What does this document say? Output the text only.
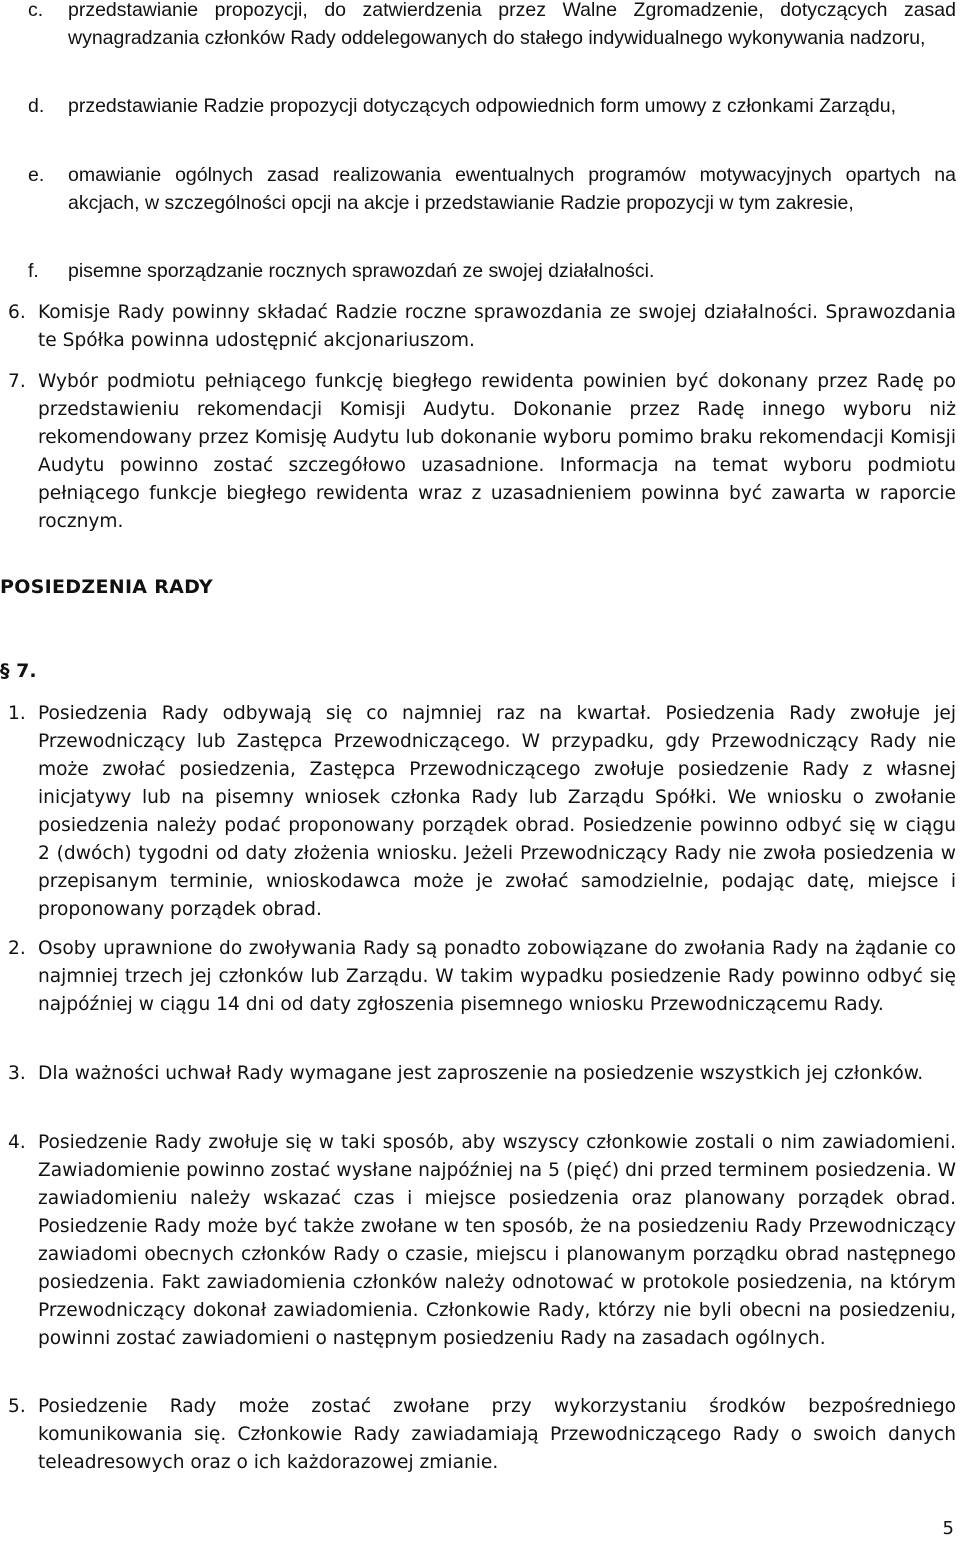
c.	przedstawianie propozycji, do zatwierdzenia przez Walne Zgromadzenie, dotyczących zasad wynagradzania członków Rady oddelegowanych do stałego indywidualnego wykonywania nadzoru,
d.	przedstawianie Radzie propozycji dotyczących odpowiednich form umowy z członkami Zarządu,
e.	omawianie ogólnych zasad realizowania ewentualnych programów motywacyjnych opartych na akcjach, w szczególności opcji na akcje i przedstawianie Radzie propozycji w tym zakresie,
f.	pisemne sporządzanie rocznych sprawozdań ze swojej działalności.
6. Komisje Rady powinny składać Radzie roczne sprawozdania ze swojej działalności. Sprawozdania te Spółka powinna udostępnić akcjonariuszom.
7. Wybór podmiotu pełniącego funkcję biegłego rewidenta powinien być dokonany przez Radę po przedstawieniu rekomendacji Komisji Audytu. Dokonanie przez Radę innego wyboru niż rekomendowany przez Komisję Audytu lub dokonanie wyboru pomimo braku rekomendacji Komisji Audytu powinno zostać szczegółowo uzasadnione. Informacja na temat wyboru podmiotu pełniącego funkcje biegłego rewidenta wraz z uzasadnieniem powinna być zawarta w raporcie rocznym.
POSIEDZENIA RADY
§ 7.
1. Posiedzenia Rady odbywają się co najmniej raz na kwartał. Posiedzenia Rady zwołuje jej Przewodniczący lub Zastępca Przewodniczącego. W przypadku, gdy Przewodniczący Rady nie może zwołać posiedzenia, Zastępca Przewodniczącego zwołuje posiedzenie Rady z własnej inicjatywy lub na pisemny wniosek członka Rady lub Zarządu Spółki. We wniosku o zwołanie posiedzenia należy podać proponowany porządek obrad. Posiedzenie powinno odbyć się w ciągu 2 (dwóch) tygodni od daty złożenia wniosku. Jeżeli Przewodniczący Rady nie zwoła posiedzenia w przepisanym terminie, wnioskodawca może je zwołać samodzielnie, podając datę, miejsce i proponowany porządek obrad.
2. Osoby uprawnione do zwoływania Rady są ponadto zobowiązane do zwołania Rady na żądanie co najmniej trzech jej członków lub Zarządu. W takim wypadku posiedzenie Rady powinno odbyć się najpóźniej w ciągu 14 dni od daty zgłoszenia pisemnego wniosku Przewodniczącemu Rady.
3. Dla ważności uchwał Rady wymagane jest zaproszenie na posiedzenie wszystkich jej członków.
4. Posiedzenie Rady zwołuje się w taki sposób, aby wszyscy członkowie zostali o nim zawiadomieni. Zawiadomienie powinno zostać wysłane najpóźniej na 5 (pięć) dni przed terminem posiedzenia. W zawiadomieniu należy wskazać czas i miejsce posiedzenia oraz planowany porządek obrad. Posiedzenie Rady może być także zwołane w ten sposób, że na posiedzeniu Rady Przewodniczący zawiadomi obecnych członków Rady o czasie, miejscu i planowanym porządku obrad następnego posiedzenia. Fakt zawiadomienia członków należy odnotować w protokole posiedzenia, na którym Przewodniczący dokonał zawiadomienia. Członkowie Rady, którzy nie byli obecni na posiedzeniu, powinni zostać zawiadomieni o następnym posiedzeniu Rady na zasadach ogólnych.
5. Posiedzenie Rady może zostać zwołane przy wykorzystaniu środków bezpośredniego komunikowania się. Członkowie Rady zawiadamiają Przewodniczącego Rady o swoich danych teleadresowych oraz o ich każdorazowej zmianie.
5
